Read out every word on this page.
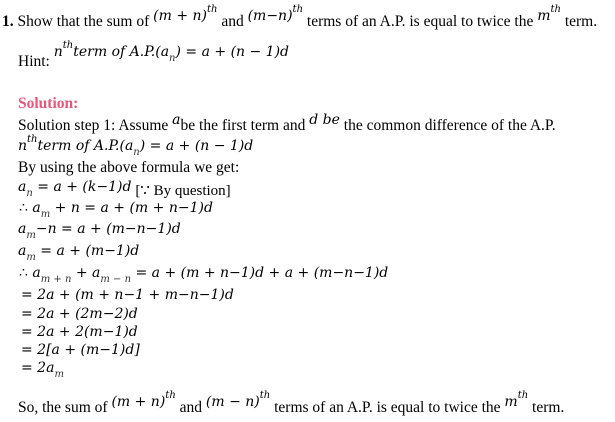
1. Show that the sum of $(m + n)^{th}$ and $(m-n)^{th}$ terms of an A.P. is equal to twice the $m^{th}$ term.
Hint: $n^{th}term$ of $A.P.(a_n) = a + (n - 1)d$
Solution:
Solution step 1: Assume abe the first term and d be the common difference of the A.P.
$n^{th}term$ of $A.P.(a_n) = a + (n - 1)d$
By using the above formula we get:
$a_n = a + (k-1)d$ [∵ By question]
∴ $a_m + n = a + (m + n-1)d$
$a_m-n = a + (m-n-1)d$
$a_m = a + (m-1)d$
∴ $a_{m + n} + a_{m - n} = a + (m + n-1)d + a + (m-n-1)d$
= 2a + (m + n−1 + m−n−1)d
= 2a + (2m−2)d
= 2a + 2(m−1)d
= 2[a + (m−1)d]
= $2a_m$
So, the sum of $(m + n)^{th}$ and $(m - n)^{th}$ terms of an A.P. is equal to twice the $m^{th}$ term.
